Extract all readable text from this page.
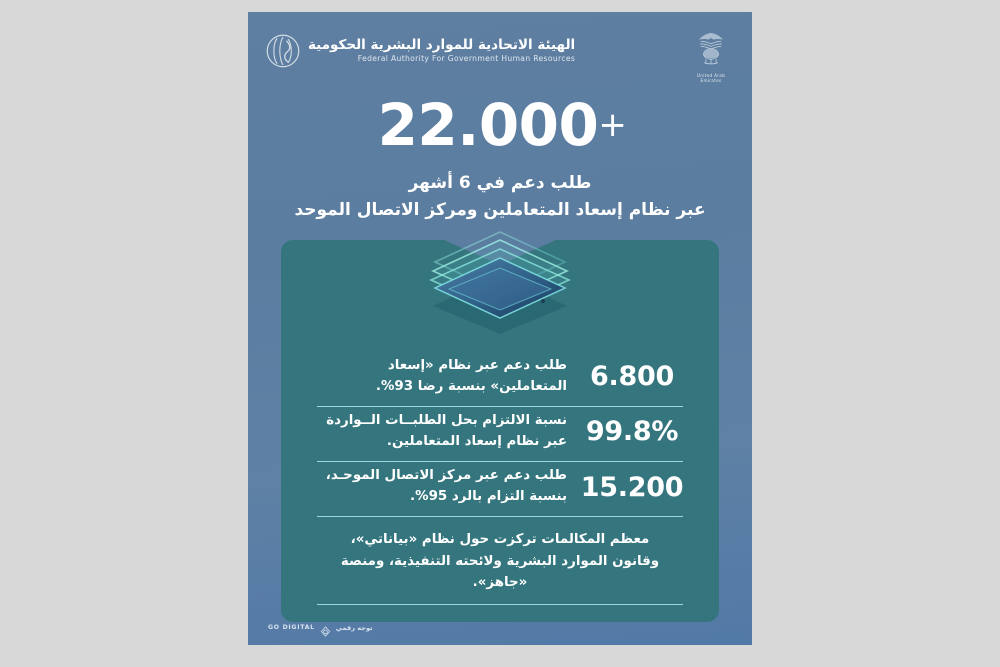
الهيئة الاتحادية للموارد البشرية الحكومية
Federal Authority For Government Human Resources
United Arab Emirates
22.000+
طلب دعم في 6 أشهر
عبر نظام إسعاد المتعاملين ومركز الاتصال الموحد
6.800
طلب دعم عبر نظام «إسعاد المتعاملين» بنسبة رضا 93%.
99.8%
نسبة الالتزام بحل الطلبــات الــواردة عبر نظام إسعاد المتعاملين.
15.200
طلب دعم عبر مركز الاتصال الموحـد، بنسبة التزام بالرد 95%.
معظم المكالمات تركزت حول نظام «بياناتي»، وقانون الموارد البشرية ولائحته التنفيذية، ومنصة «جاهز».
GO DIGITAL	توجه رقمي
